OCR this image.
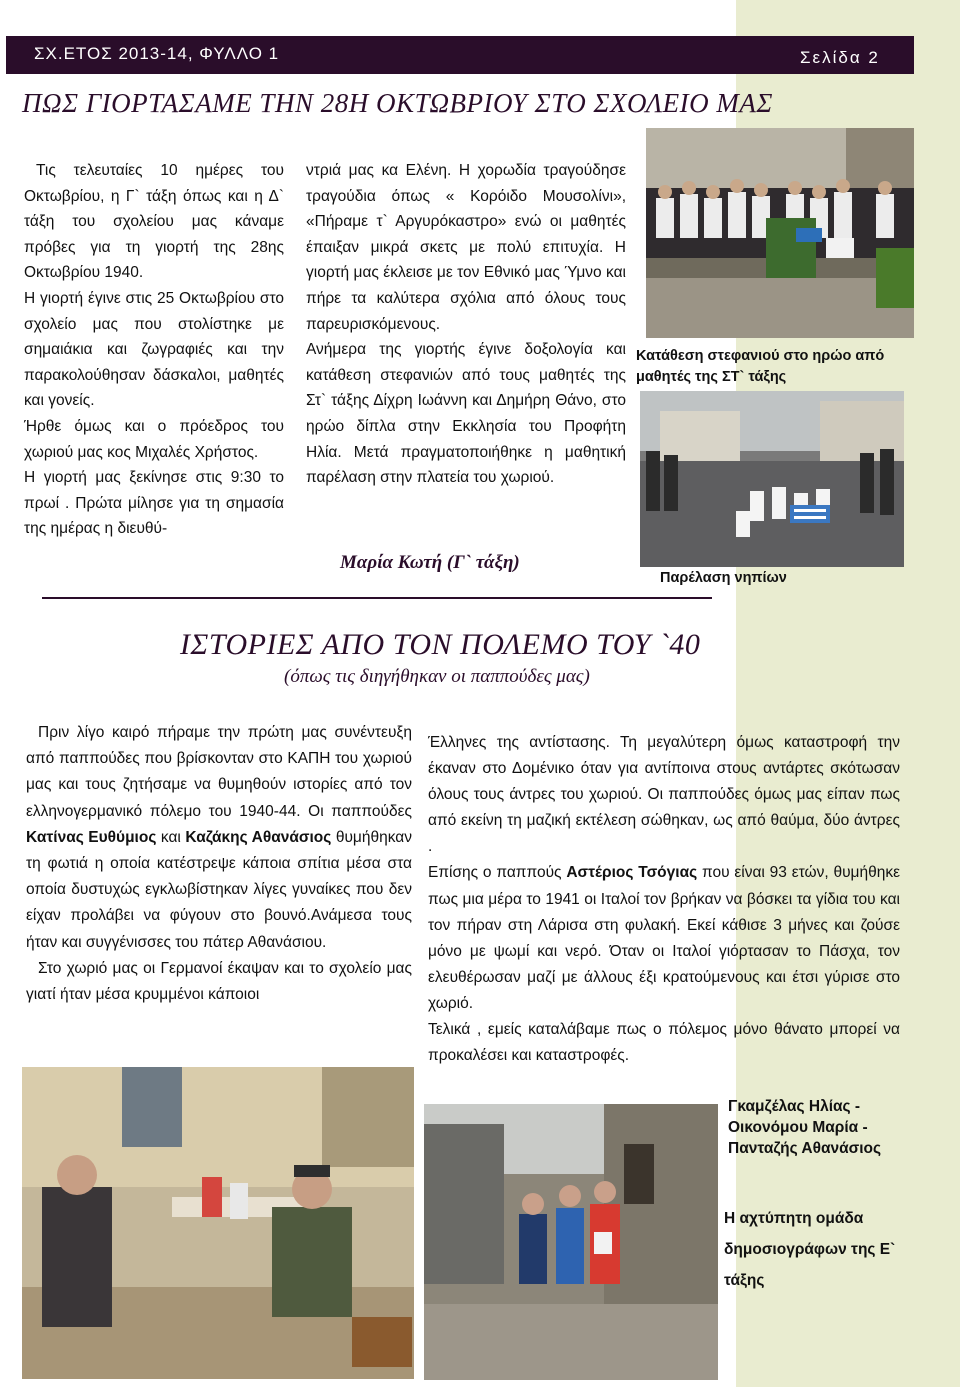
ΣΧ.ΕΤΟΣ 2013-14, ΦΥΛΛΟ 1	Σελίδα 2
ΠΩΣ ΓΙΟΡΤΑΣΑΜΕ ΤΗΝ 28Η ΟΚΤΩΒΡΙΟΥ ΣΤΟ ΣΧΟΛΕΙΟ ΜΑΣ
Τις τελευταίες 10 ημέρες του Οκτωβρίου, η Γ` τάξη όπως και η Δ` τάξη του σχολείου μας κάναμε πρόβες για τη γιορτή της 28ης Οκτωβρίου 1940.
Η γιορτή έγινε στις 25 Οκτωβρίου στο σχολείο μας που στολίστηκε με σημαιάκια και ζωγραφιές και την παρακολούθησαν δάσκαλοι, μαθητές και γονείς.
Ήρθε όμως και ο πρόεδρος του χωριού μας κος Μιχαλές Χρήστος.
Η γιορτή μας ξεκίνησε στις 9:30 το πρωί . Πρώτα μίλησε για τη σημασία της ημέρας η διευθύ-
ντριά μας κα Ελένη. Η χορωδία τραγούδησε τραγούδια όπως « Κορόιδο Μουσολίνι», «Πήραμε τ` Αργυρόκαστρο» ενώ οι μαθητές έπαιξαν μικρά σκετς με πολύ επιτυχία. Η γιορτή μας έκλεισε με τον Εθνικό μας Ύμνο και πήρε τα καλύτερα σχόλια από όλους τους παρευρισκόμενους.
Ανήμερα της γιορτής έγινε δοξολογία και κατάθεση στεφανιών από τους μαθητές της Στ` τάξης Δίχρη Ιωάννη και Δημήρη Θάνο, στο ηρώο δίπλα στην Εκκλησία του Προφήτη Ηλία. Μετά πραγματοποιήθηκε η μαθητική παρέλαση στην πλατεία του χωριού.
Μαρία Κωτή (Γ` τάξη)
Κατάθεση στεφανιού στο ηρώο από μαθητές της ΣΤ` τάξης
Παρέλαση νηπίων
ΙΣΤΟΡΙΕΣ ΑΠΟ ΤΟΝ ΠΟΛΕΜΟ ΤΟΥ `40
(όπως τις διηγήθηκαν οι παππούδες μας)
Πριν λίγο καιρό πήραμε την πρώτη μας συνέντευξη από παππούδες που βρίσκονταν στο ΚΑΠΗ του χωριού μας και τους ζητήσαμε να θυμηθούν ιστορίες από τον ελληνογερμανικό πόλεμο του 1940-44. Οι παππούδες Κατίνας Ευθύμιος και Καζάκης Αθανάσιος θυμήθηκαν τη φωτιά η οποία κατέστρεψε κάποια σπίτια μέσα στα οποία δυστυχώς εγκλωβίστηκαν λίγες γυναίκες που δεν είχαν προλάβει να φύγουν στο βουνό.Ανάμεσα τους ήταν και συγγένισσες του πάτερ Αθανάσιου.
Στο χωριό μας οι Γερμανοί έκαψαν και το σχολείο μας γιατί ήταν μέσα κρυμμένοι κάποιοι
Έλληνες της αντίστασης. Τη μεγαλύτερη όμως καταστροφή την έκαναν στο Δομένικο όταν για αντίποινα στους αντάρτες σκότωσαν όλους τους άντρες του χωριού. Οι παππούδες όμως μας είπαν πως από εκείνη τη μαζική εκτέλεση σώθηκαν, ως από θαύμα, δύο άντρες .
Επίσης ο παππούς Αστέριος Τσόγιας που είναι 93 ετών, θυμήθηκε πως μια μέρα το 1941 οι Ιταλοί τον βρήκαν να βόσκει τα γίδια του και τον πήραν στη Λάρισα στη φυλακή. Εκεί κάθισε 3 μήνες και ζούσε μόνο με ψωμί και νερό. Όταν οι Ιταλοί γιόρτασαν το Πάσχα, τον ελευθέρωσαν μαζί με άλλους έξι κρατούμενους και έτσι γύρισε στο χωριό.
Τελικά , εμείς καταλάβαμε πως ο πόλεμος μόνο θάνατο μπορεί να προκαλέσει και καταστροφές.
Γκαμζέλας Ηλίας - Οικονόμου Μαρία - Πανταζής Αθανάσιος
Η αχτύπητη ομάδα δημοσιογράφων της Ε` τάξης
